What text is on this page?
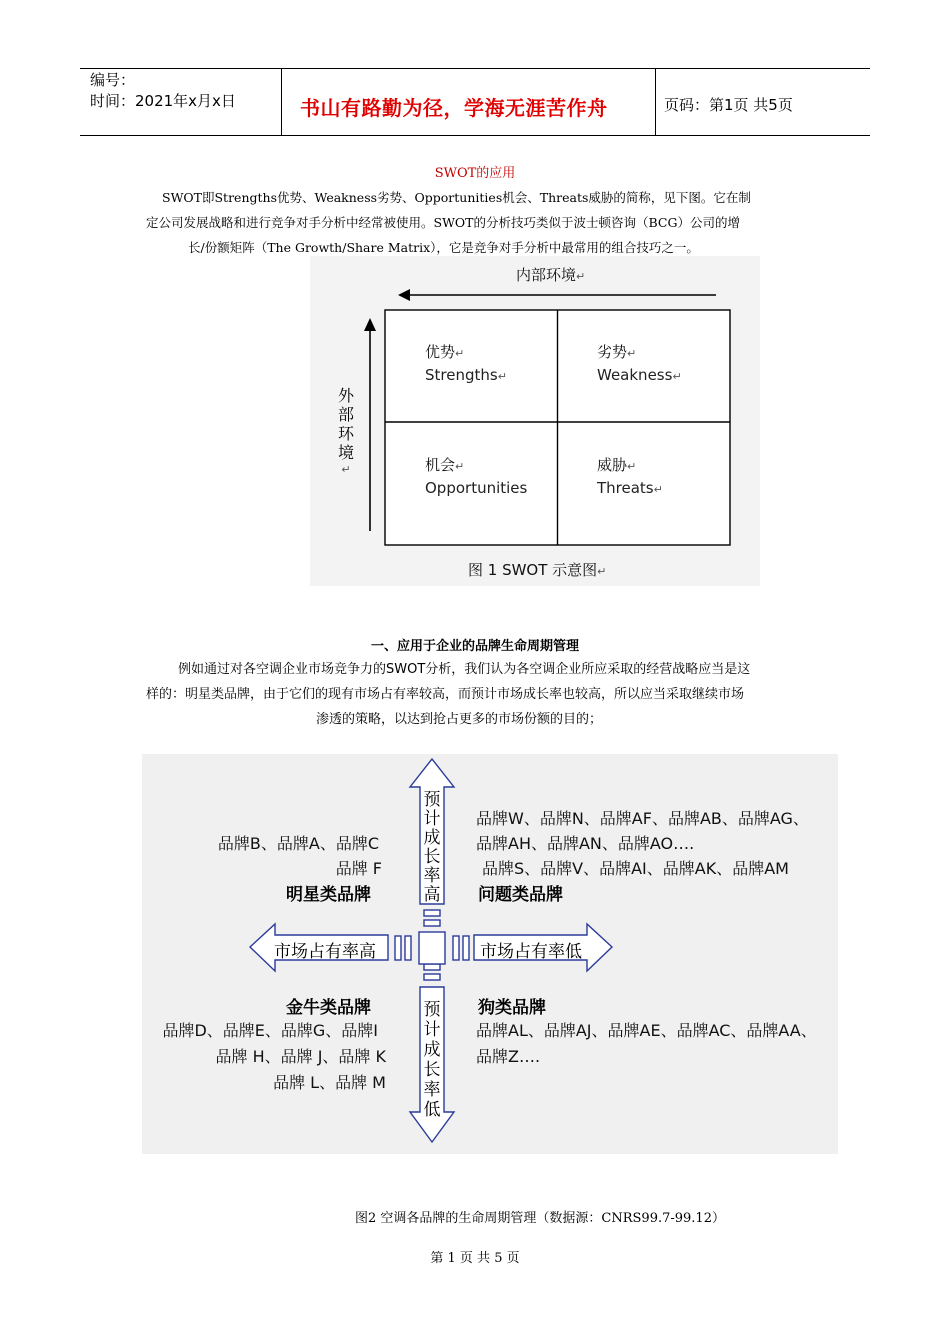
编号：
时间：2021年x月x日	书山有路勤为径，学海无涯苦作舟	页码：第1页 共5页
SWOT的应用
SWOT即Strengths优势、Weakness劣势、Opportunities机会、Threats威胁的简称，见下图。它在制
定公司发展战略和进行竞争对手分析中经常被使用。SWOT的分析技巧类似于波士顿咨询（BCG）公司的增
长/份额矩阵（The Growth/Share Matrix），它是竞争对手分析中最常用的组合技巧之一。
内部环境↵
外
部
环
境
↵
优势↵
Strengths↵
劣势↵
Weakness↵
机会↵
Opportunities
威胁↵
Threats↵
图 1 SWOT 示意图↵
一、应用于企业的品牌生命周期管理
例如通过对各空调企业市场竞争力的SWOT分析，我们认为各空调企业所应采取的经营战略应当是这
样的：明星类品牌，由于它们的现有市场占有率较高，而预计市场成长率也较高，所以应当采取继续市场
渗透的策略，以达到抢占更多的市场份额的目的；
预
计
成
长
率
高
预
计
成
长
率
低
市场占有率高	市场占有率低
品牌B、品牌A、品牌C
品牌 F
明星类品牌
品牌W、品牌N、品牌AF、品牌AB、品牌AG、
品牌AH、品牌AN、品牌AO….
品牌S、品牌V、品牌AI、品牌AK、品牌AM
问题类品牌
金牛类品牌
品牌D、品牌E、品牌G、品牌I
品牌 H、品牌 J、品牌 K
品牌 L、品牌 M
狗类品牌
品牌AL、品牌AJ、品牌AE、品牌AC、品牌AA、
品牌Z….
图2 空调各品牌的生命周期管理（数据源：CNRS99.7-99.12）
第 1 页 共 5 页
